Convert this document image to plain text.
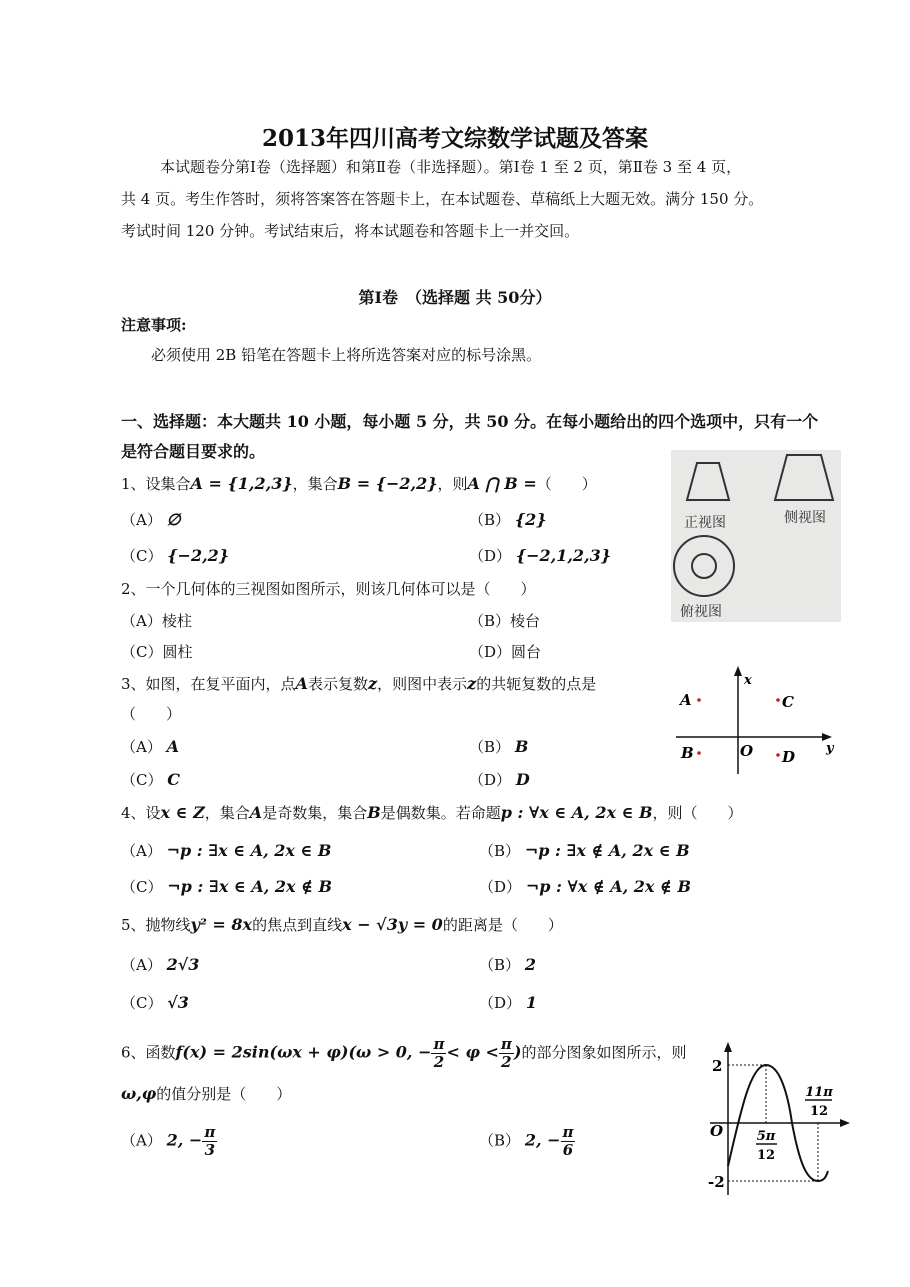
2013年四川高考文综数学试题及答案
本试题卷分第Ⅰ卷（选择题）和第Ⅱ卷（非选择题）。第Ⅰ卷 1 至 2 页，第Ⅱ卷 3 至 4 页，
共 4 页。考生作答时，须将答案答在答题卡上，在本试题卷、草稿纸上大题无效。满分 150 分。
考试时间 120 分钟。考试结束后，将本试题卷和答题卡上一并交回。
第Ⅰ卷　（选择题 共 50分）
注意事项:
必须使用 2B 铅笔在答题卡上将所选答案对应的标号涂黑。
一、选择题：本大题共 10 小题，每小题 5 分，共 50 分。在每小题给出的四个选项中，只有一个
是符合题目要求的。
1、设集合A = {1,2,3}，集合B = {−2,2}，则A ⋂ B =（　　）
（A） ∅	（B） {2}
（C） {−2,2}	（D） {−2,1,2,3}
2、一个几何体的三视图如图所示，则该几何体可以是（　　）
（A）棱柱	（B）棱台
（C）圆柱	（D）圆台
3、如图，在复平面内，点A表示复数z，则图中表示z的共轭复数的点是
（　　）
（A） A	（B） B
（C） C	（D） D
4、设x ∈ Z，集合A是奇数集，集合B是偶数集。若命题p : ∀x ∈ A, 2x ∈ B，则（　　）
（A） ¬p : ∃x ∈ A, 2x ∈ B	（B） ¬p : ∃x ∉ A, 2x ∈ B
（C） ¬p : ∃x ∈ A, 2x ∉ B	（D） ¬p : ∀x ∉ A, 2x ∉ B
5、抛物线y² = 8x的焦点到直线x − √3y = 0的距离是（　　）
（A） 2√3	（B） 2
（C） √3	（D） 1
6、函数f(x) = 2sin(ωx + φ)(ω > 0, − $\frac{\pi}{2} < \varphi < \frac{\pi}{2}$ )的部分图象如图所示，则
ω,φ的值分别是（　　）
（A） 2, − $\frac{\pi}{3}$	（B） 2, − $\frac{\pi}{6}$
正视图	侧视图
俯视图
x
y
O
A	C
B	D
2
-2
O	5π
12
11π
12
